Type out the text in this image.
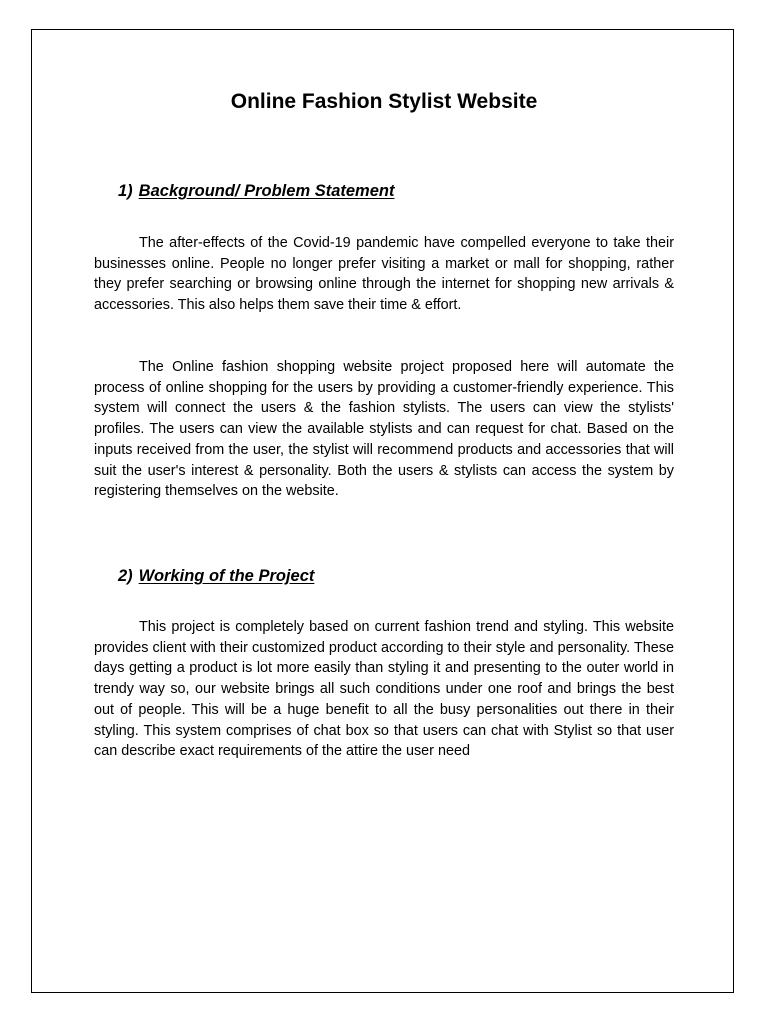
Online Fashion Stylist Website
1) Background/ Problem Statement

The after-effects of the Covid-19 pandemic have compelled everyone to take their businesses online. People no longer prefer visiting a market or mall for shopping, rather they prefer searching or browsing online through the internet for shopping new arrivals & accessories. This also helps them save their time & effort.

The Online fashion shopping website project proposed here will automate the process of online shopping for the users by providing a customer-friendly experience. This system will connect the users & the fashion stylists. The users can view the stylists' profiles. The users can view the available stylists and can request for chat. Based on the inputs received from the user, the stylist will recommend products and accessories that will suit the user's interest & personality. Both the users & stylists can access the system by registering themselves on the website.

2) Working of the Project

This project is completely based on current fashion trend and styling. This website provides client with their customized product according to their style and personality. These days getting a product is lot more easily than styling it and presenting to the outer world in trendy way so, our website brings all such conditions under one roof and brings the best out of people. This will be a huge benefit to all the busy personalities out there in their styling. This system comprises of chat box so that users can chat with Stylist so that user can describe exact requirements of the attire the user need
